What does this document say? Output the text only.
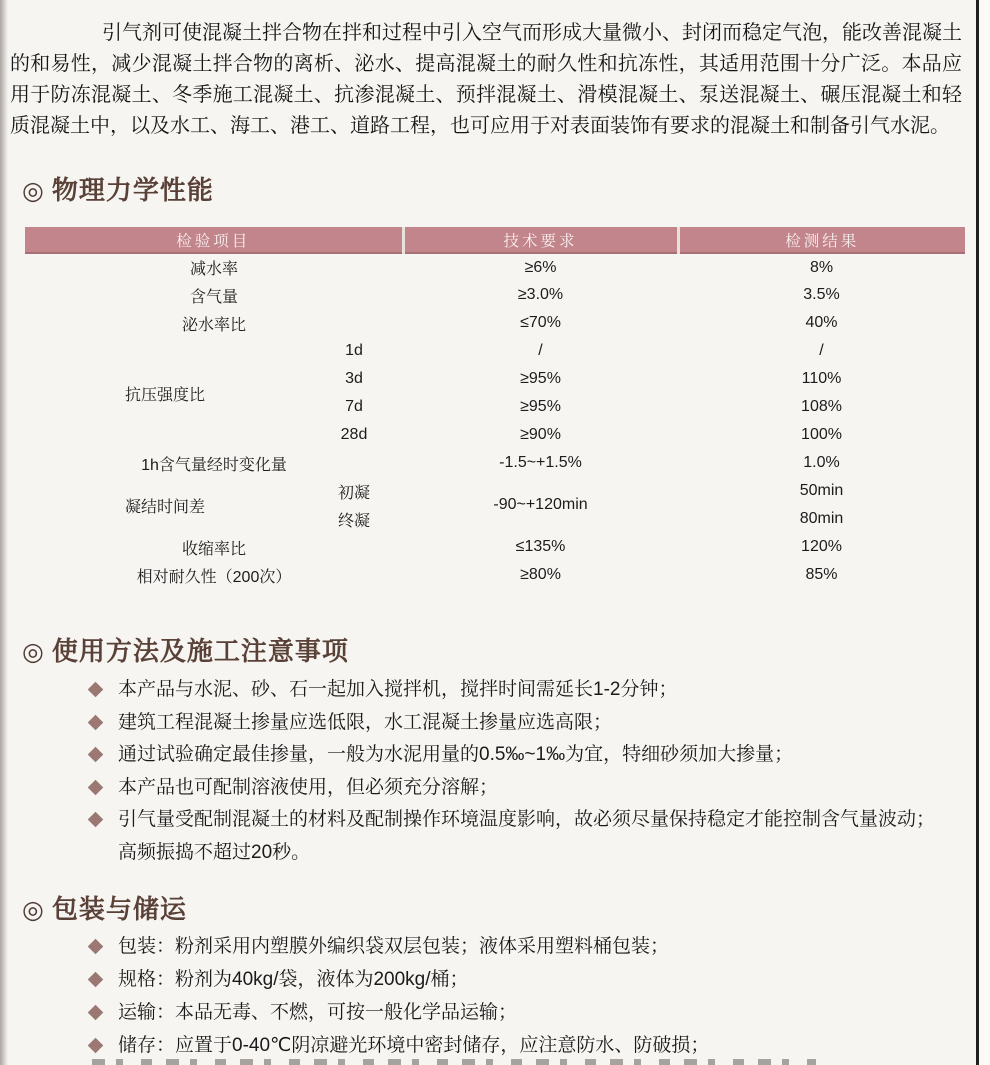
引气剂可使混凝土拌合物在拌和过程中引入空气而形成大量微小、封闭而稳定气泡，能改善混凝土的和易性，减少混凝土拌合物的离析、泌水、提高混凝土的耐久性和抗冻性，其适用范围十分广泛。本品应用于防冻混凝土、冬季施工混凝土、抗渗混凝土、预拌混凝土、滑模混凝土、泵送混凝土、碾压混凝土和轻质混凝土中，以及水工、海工、港工、道路工程，也可应用于对表面装饰有要求的混凝土和制备引气水泥。

◎ 物理力学性能
检验项目		技术要求	检测结果
减水率		≥6%	8%
含气量		≥3.0%	3.5%
泌水率比		≤70%	40%
抗压强度比	1d	/	/
	3d	≥95%	110%
	7d	≥95%	108%
	28d	≥90%	100%
1h含气量经时变化量		-1.5~+1.5%	1.0%
凝结时间差	初凝	-90~+120min	50min
	终凝		80min
收缩率比		≤135%	120%
相对耐久性（200次）		≥80%	85%
◎ 使用方法及施工注意事项
本产品与水泥、砂、石一起加入搅拌机，搅拌时间需延长1-2分钟；
建筑工程混凝土掺量应选低限，水工混凝土掺量应选高限；
通过试验确定最佳掺量，一般为水泥用量的0.5‰~1‰为宜，特细砂须加大掺量；
本产品也可配制溶液使用，但必须充分溶解；
引气量受配制混凝土的材料及配制操作环境温度影响，故必须尽量保持稳定才能控制含气量波动；
高频振捣不超过20秒。
◎ 包装与储运
包装：粉剂采用内塑膜外编织袋双层包装；液体采用塑料桶包装；
规格：粉剂为40kg/袋，液体为200kg/桶；
运输：本品无毒、不燃，可按一般化学品运输；
储存：应置于0-40℃阴凉避光环境中密封储存，应注意防水、防破损；
